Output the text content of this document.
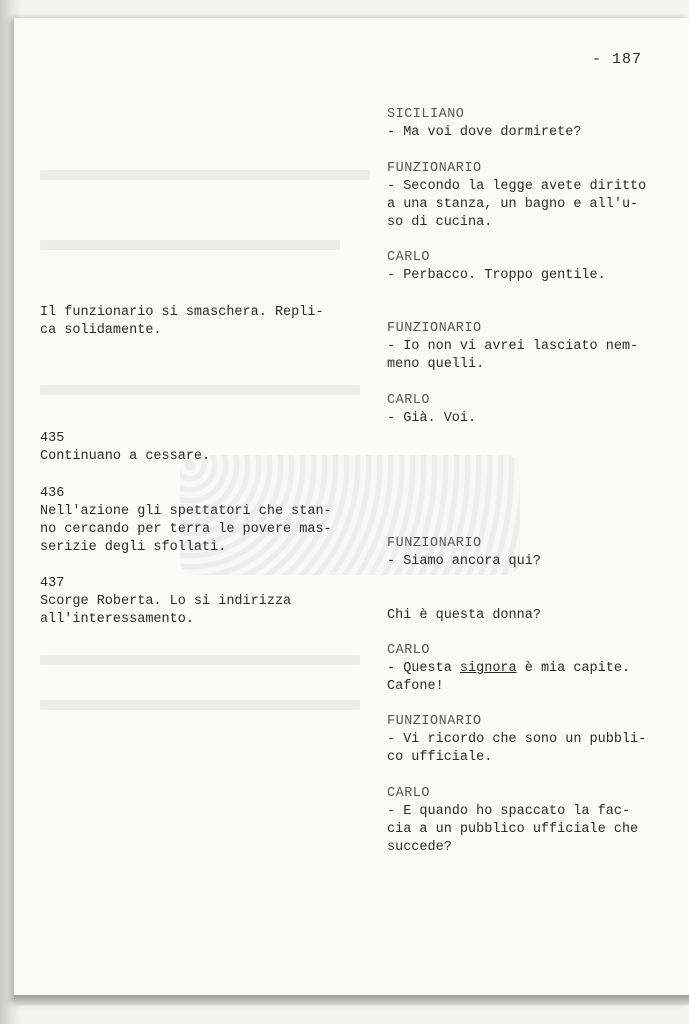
- 187
SICILIANO
- Ma voi dove dormirete?
FUNZIONARIO
- Secondo la legge avete diritto
a una stanza, un bagno e all'u-
so di cucina.
CARLO
- Perbacco. Troppo gentile.
FUNZIONARIO
- Io non vi avrei lasciato nem-
meno quelli.
CARLO
- Già. Voi.
FUNZIONARIO
- Siamo ancora qui?
Chi è questa donna?
CARLO
- Questa signora è mia capite.
Cafone!
FUNZIONARIO
- Vi ricordo che sono un pubbli-
co ufficiale.
CARLO
- E quando ho spaccato la fac-
cia a un pubblico ufficiale che
succede?
Il funzionario si smaschera. Repli-
ca solidamente.
435
Continuano a cessare.
436
Nell'azione gli spettatori che stan-
no cercando per terra le povere mas-
serizie degli sfollati.
437
Scorge Roberta. Lo si indirizza
all'interessamento.
